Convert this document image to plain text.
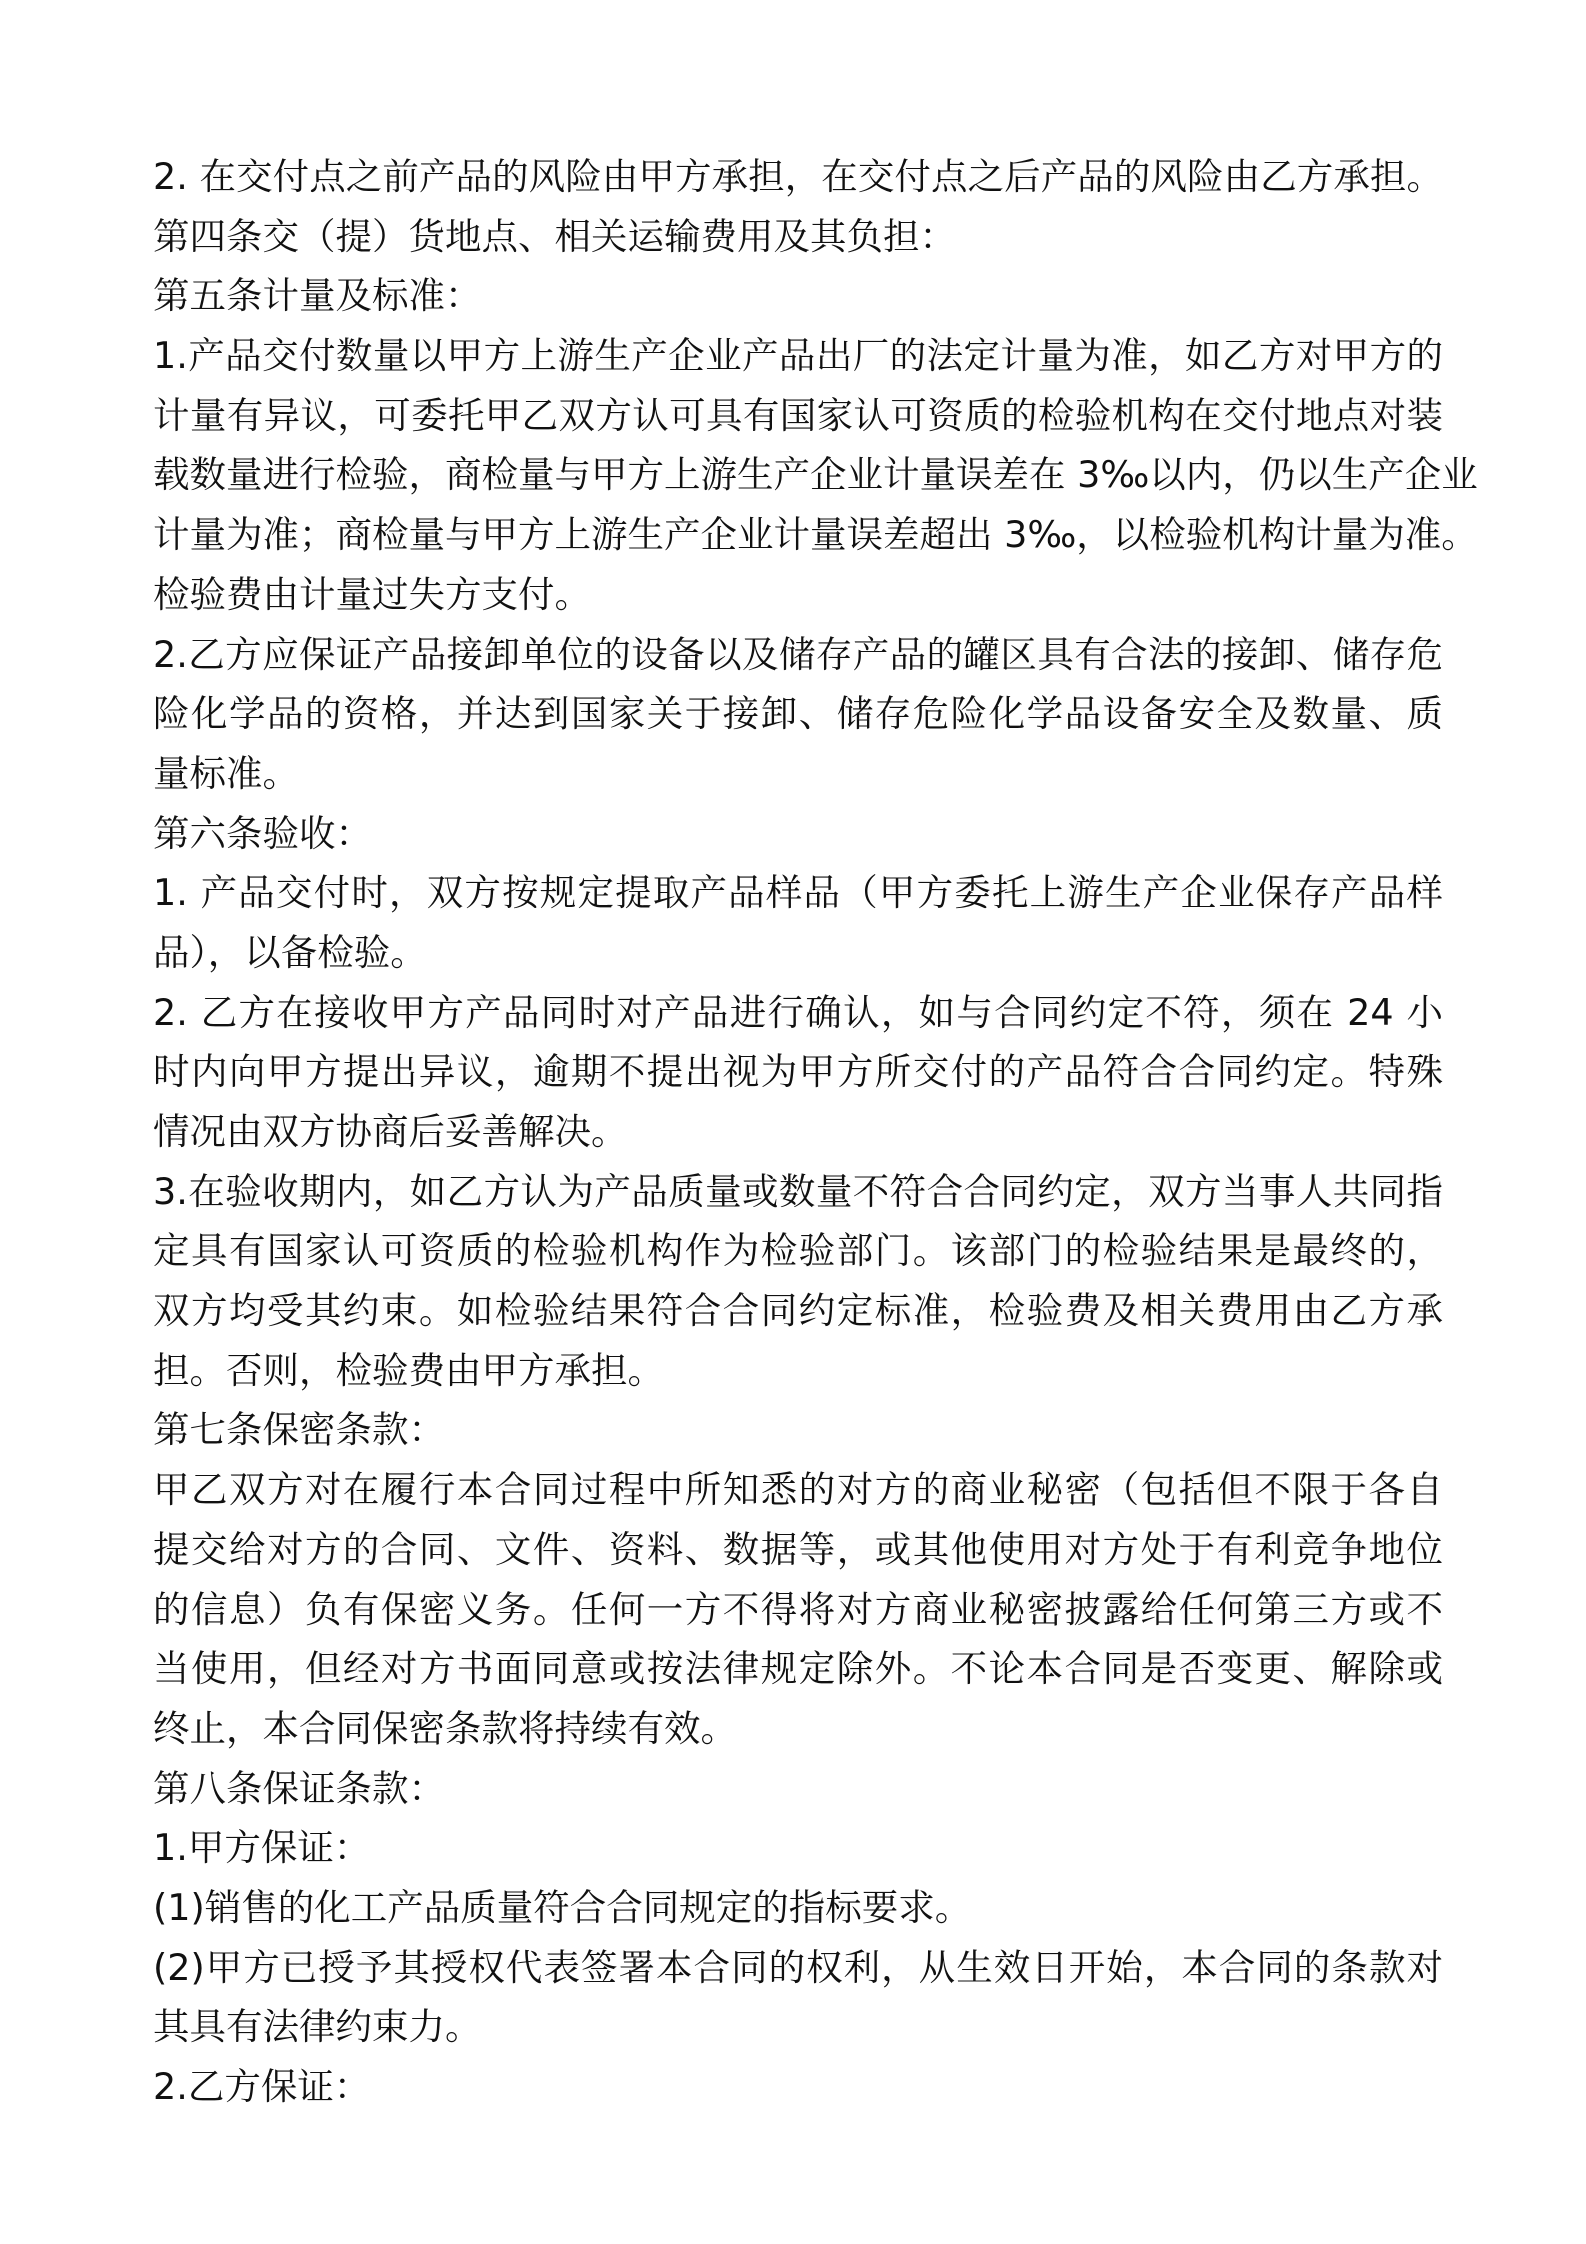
2. 在交付点之前产品的风险由甲方承担，在交付点之后产品的风险由乙方承担。
第四条交（提）货地点、相关运输费用及其负担：
第五条计量及标准：
1.产品交付数量以甲方上游生产企业产品出厂的法定计量为准，如乙方对甲方的
计量有异议，可委托甲乙双方认可具有国家认可资质的检验机构在交付地点对装
载数量进行检验，商检量与甲方上游生产企业计量误差在 3‰以内，仍以生产企业
计量为准；商检量与甲方上游生产企业计量误差超出 3‰，以检验机构计量为准。
检验费由计量过失方支付。
2.乙方应保证产品接卸单位的设备以及储存产品的罐区具有合法的接卸、储存危
险化学品的资格，并达到国家关于接卸、储存危险化学品设备安全及数量、质
量标准。
第六条验收：
1. 产品交付时，双方按规定提取产品样品（甲方委托上游生产企业保存产品样
品），以备检验。
2. 乙方在接收甲方产品同时对产品进行确认，如与合同约定不符，须在 24 小
时内向甲方提出异议，逾期不提出视为甲方所交付的产品符合合同约定。特殊
情况由双方协商后妥善解决。
3.在验收期内，如乙方认为产品质量或数量不符合合同约定，双方当事人共同指
定具有国家认可资质的检验机构作为检验部门。该部门的检验结果是最终的，
双方均受其约束。如检验结果符合合同约定标准，检验费及相关费用由乙方承
担。否则，检验费由甲方承担。
第七条保密条款：
甲乙双方对在履行本合同过程中所知悉的对方的商业秘密（包括但不限于各自
提交给对方的合同、文件、资料、数据等，或其他使用对方处于有利竞争地位
的信息）负有保密义务。任何一方不得将对方商业秘密披露给任何第三方或不
当使用，但经对方书面同意或按法律规定除外。不论本合同是否变更、解除或
终止，本合同保密条款将持续有效。
第八条保证条款：
1.甲方保证：
(1)销售的化工产品质量符合合同规定的指标要求。
(2)甲方已授予其授权代表签署本合同的权利，从生效日开始，本合同的条款对
其具有法律约束力。
2.乙方保证：
